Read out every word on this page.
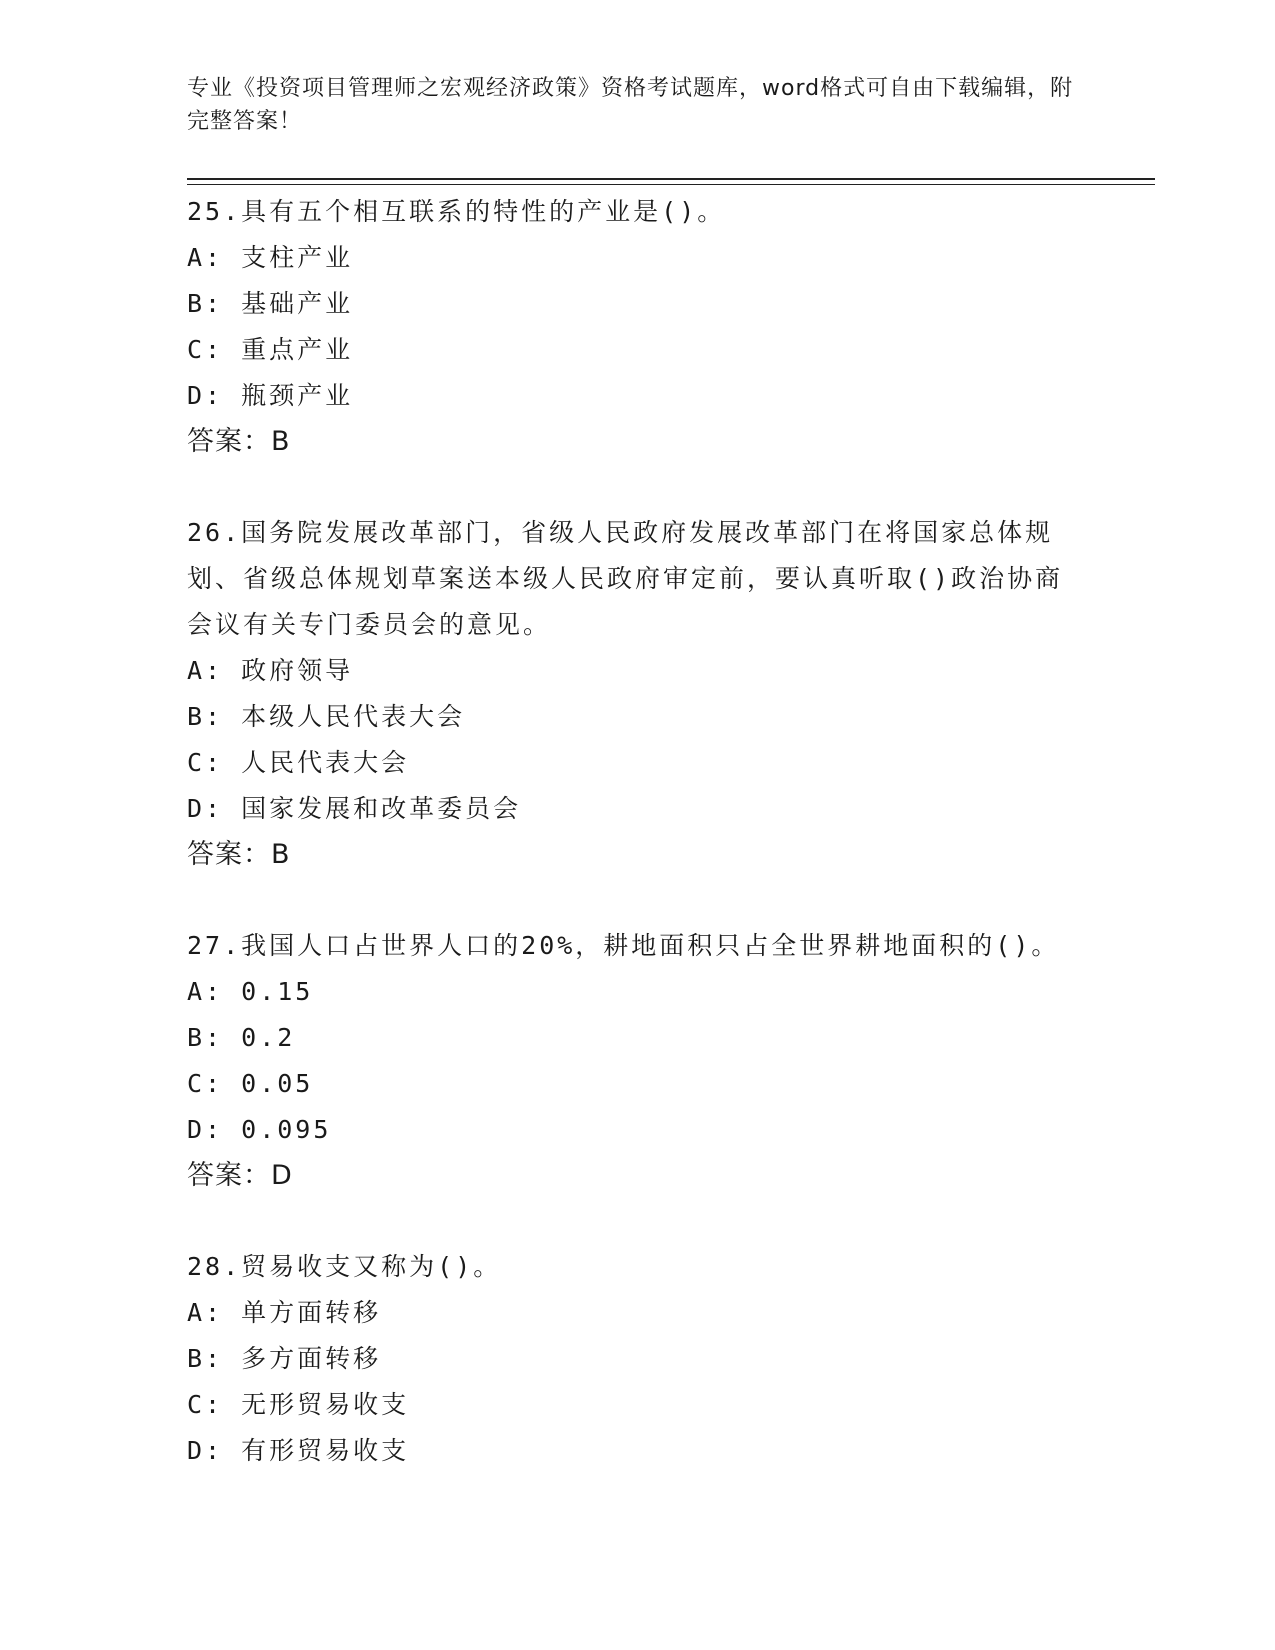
专业《投资项目管理师之宏观经济政策》资格考试题库，word格式可自由下载编辑，附完整答案！
25.具有五个相互联系的特性的产业是()。
A: 支柱产业
B: 基础产业
C: 重点产业
D: 瓶颈产业
答案：B
26.国务院发展改革部门，省级人民政府发展改革部门在将国家总体规划、省级总体规划草案送本级人民政府审定前，要认真听取()政治协商会议有关专门委员会的意见。
A: 政府领导
B: 本级人民代表大会
C: 人民代表大会
D: 国家发展和改革委员会
答案：B
27.我国人口占世界人口的20%，耕地面积只占全世界耕地面积的()。
A: 0.15
B: 0.2
C: 0.05
D: 0.095
答案：D
28.贸易收支又称为()。
A: 单方面转移
B: 多方面转移
C: 无形贸易收支
D: 有形贸易收支
